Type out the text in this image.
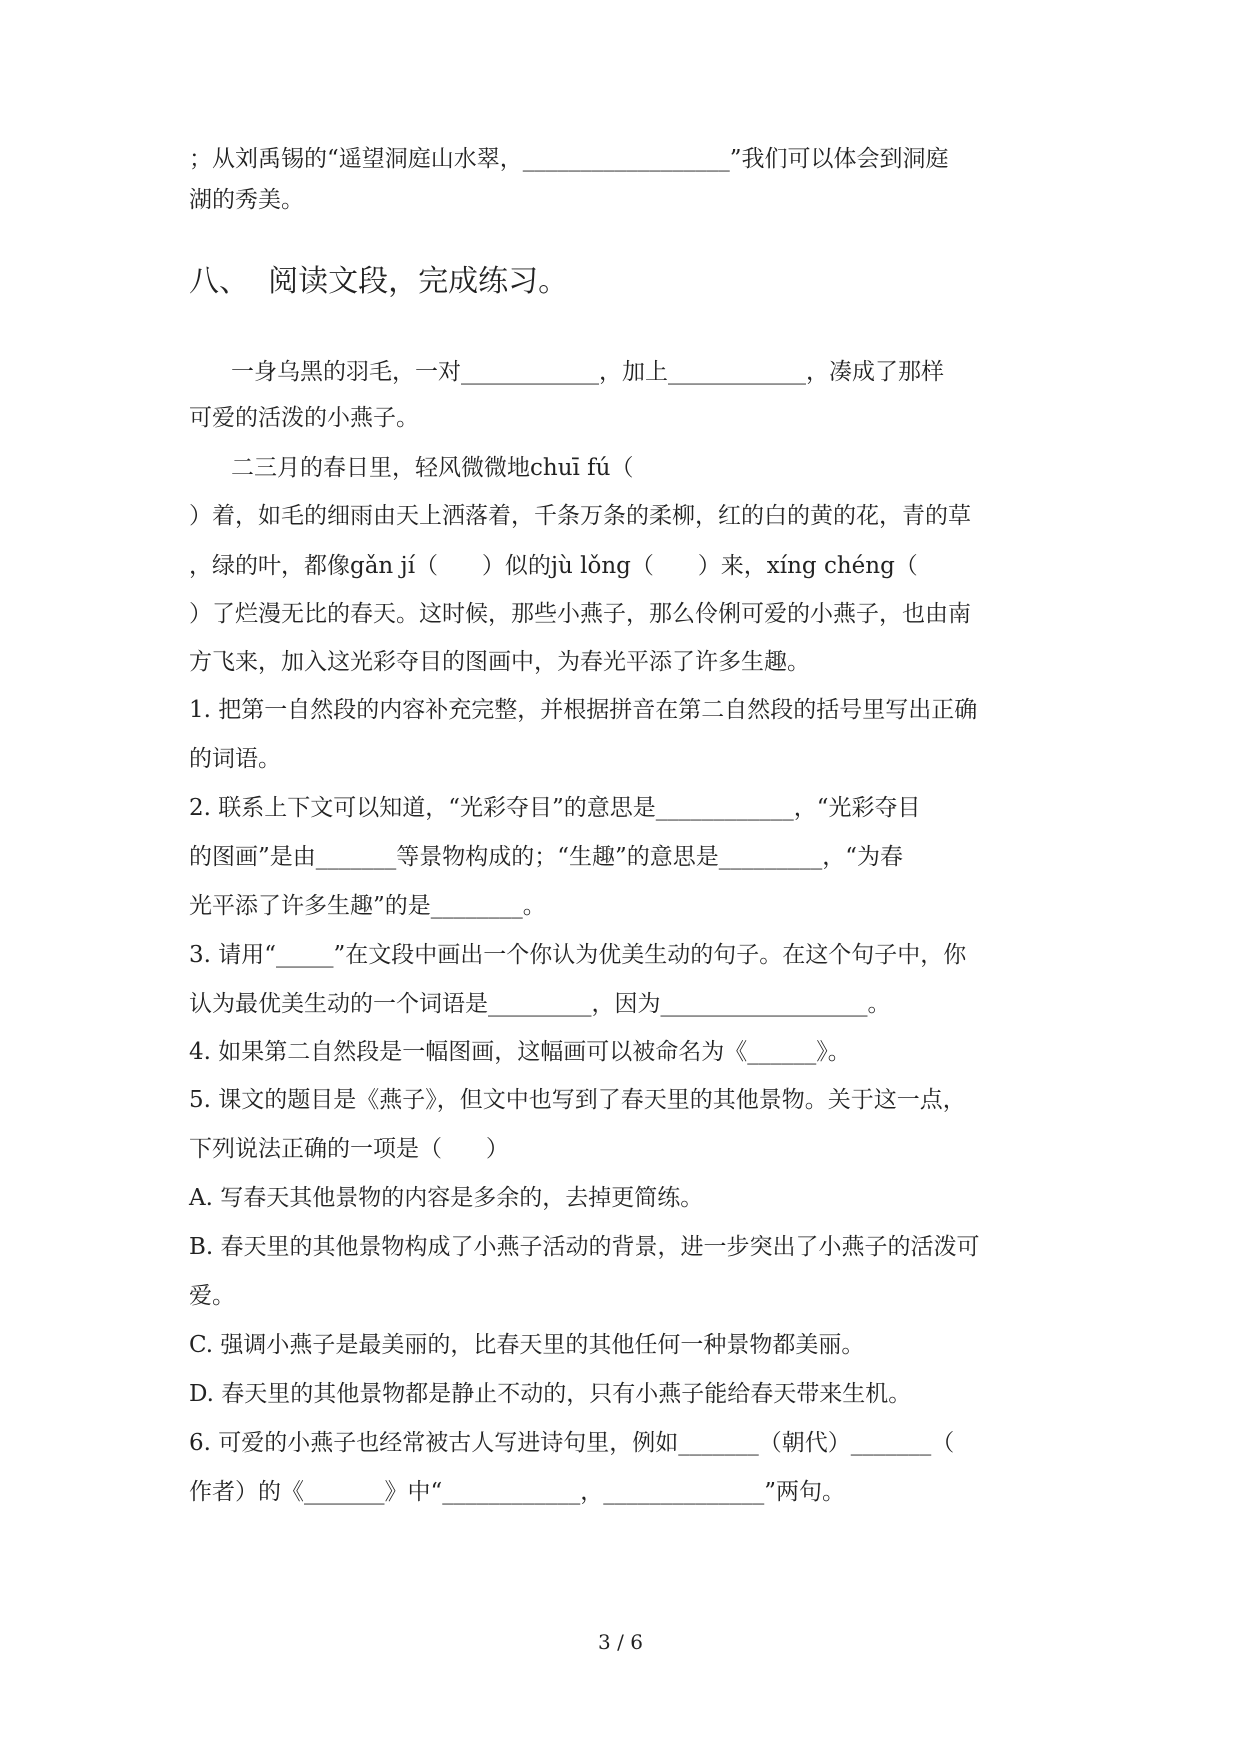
；从刘禹锡的“遥望洞庭山水翠，__________________”我们可以体会到洞庭
湖的秀美。
八、  阅读文段，完成练习。
一身乌黑的羽毛，一对____________，加上____________，凑成了那样
可爱的活泼的小燕子。
二三月的春日里，轻风微微地chuī fú（
）着，如毛的细雨由天上洒落着，千条万条的柔柳，红的白的黄的花，青的草
，绿的叶，都像gǎn jí（      ）似的jù lǒng（      ）来，xíng chéng（
）了烂漫无比的春天。这时候，那些小燕子，那么伶俐可爱的小燕子，也由南
方飞来，加入这光彩夺目的图画中，为春光平添了许多生趣。
1. 把第一自然段的内容补充完整，并根据拼音在第二自然段的括号里写出正确
的词语。
2. 联系上下文可以知道，“光彩夺目”的意思是____________，“光彩夺目
的图画”是由_______等景物构成的；“生趣”的意思是_________，“为春
光平添了许多生趣”的是________。
3. 请用“_____”在文段中画出一个你认为优美生动的句子。在这个句子中，你
认为最优美生动的一个词语是_________，因为__________________。
4. 如果第二自然段是一幅图画，这幅画可以被命名为《______》。
5. 课文的题目是《燕子》，但文中也写到了春天里的其他景物。关于这一点，
下列说法正确的一项是（      ）
A. 写春天其他景物的内容是多余的，去掉更简练。
B. 春天里的其他景物构成了小燕子活动的背景，进一步突出了小燕子的活泼可
爱。
C. 强调小燕子是最美丽的，比春天里的其他任何一种景物都美丽。
D. 春天里的其他景物都是静止不动的，只有小燕子能给春天带来生机。
6. 可爱的小燕子也经常被古人写进诗句里，例如_______（朝代）_______（
作者）的《_______》中“____________，______________”两句。
3 / 6
